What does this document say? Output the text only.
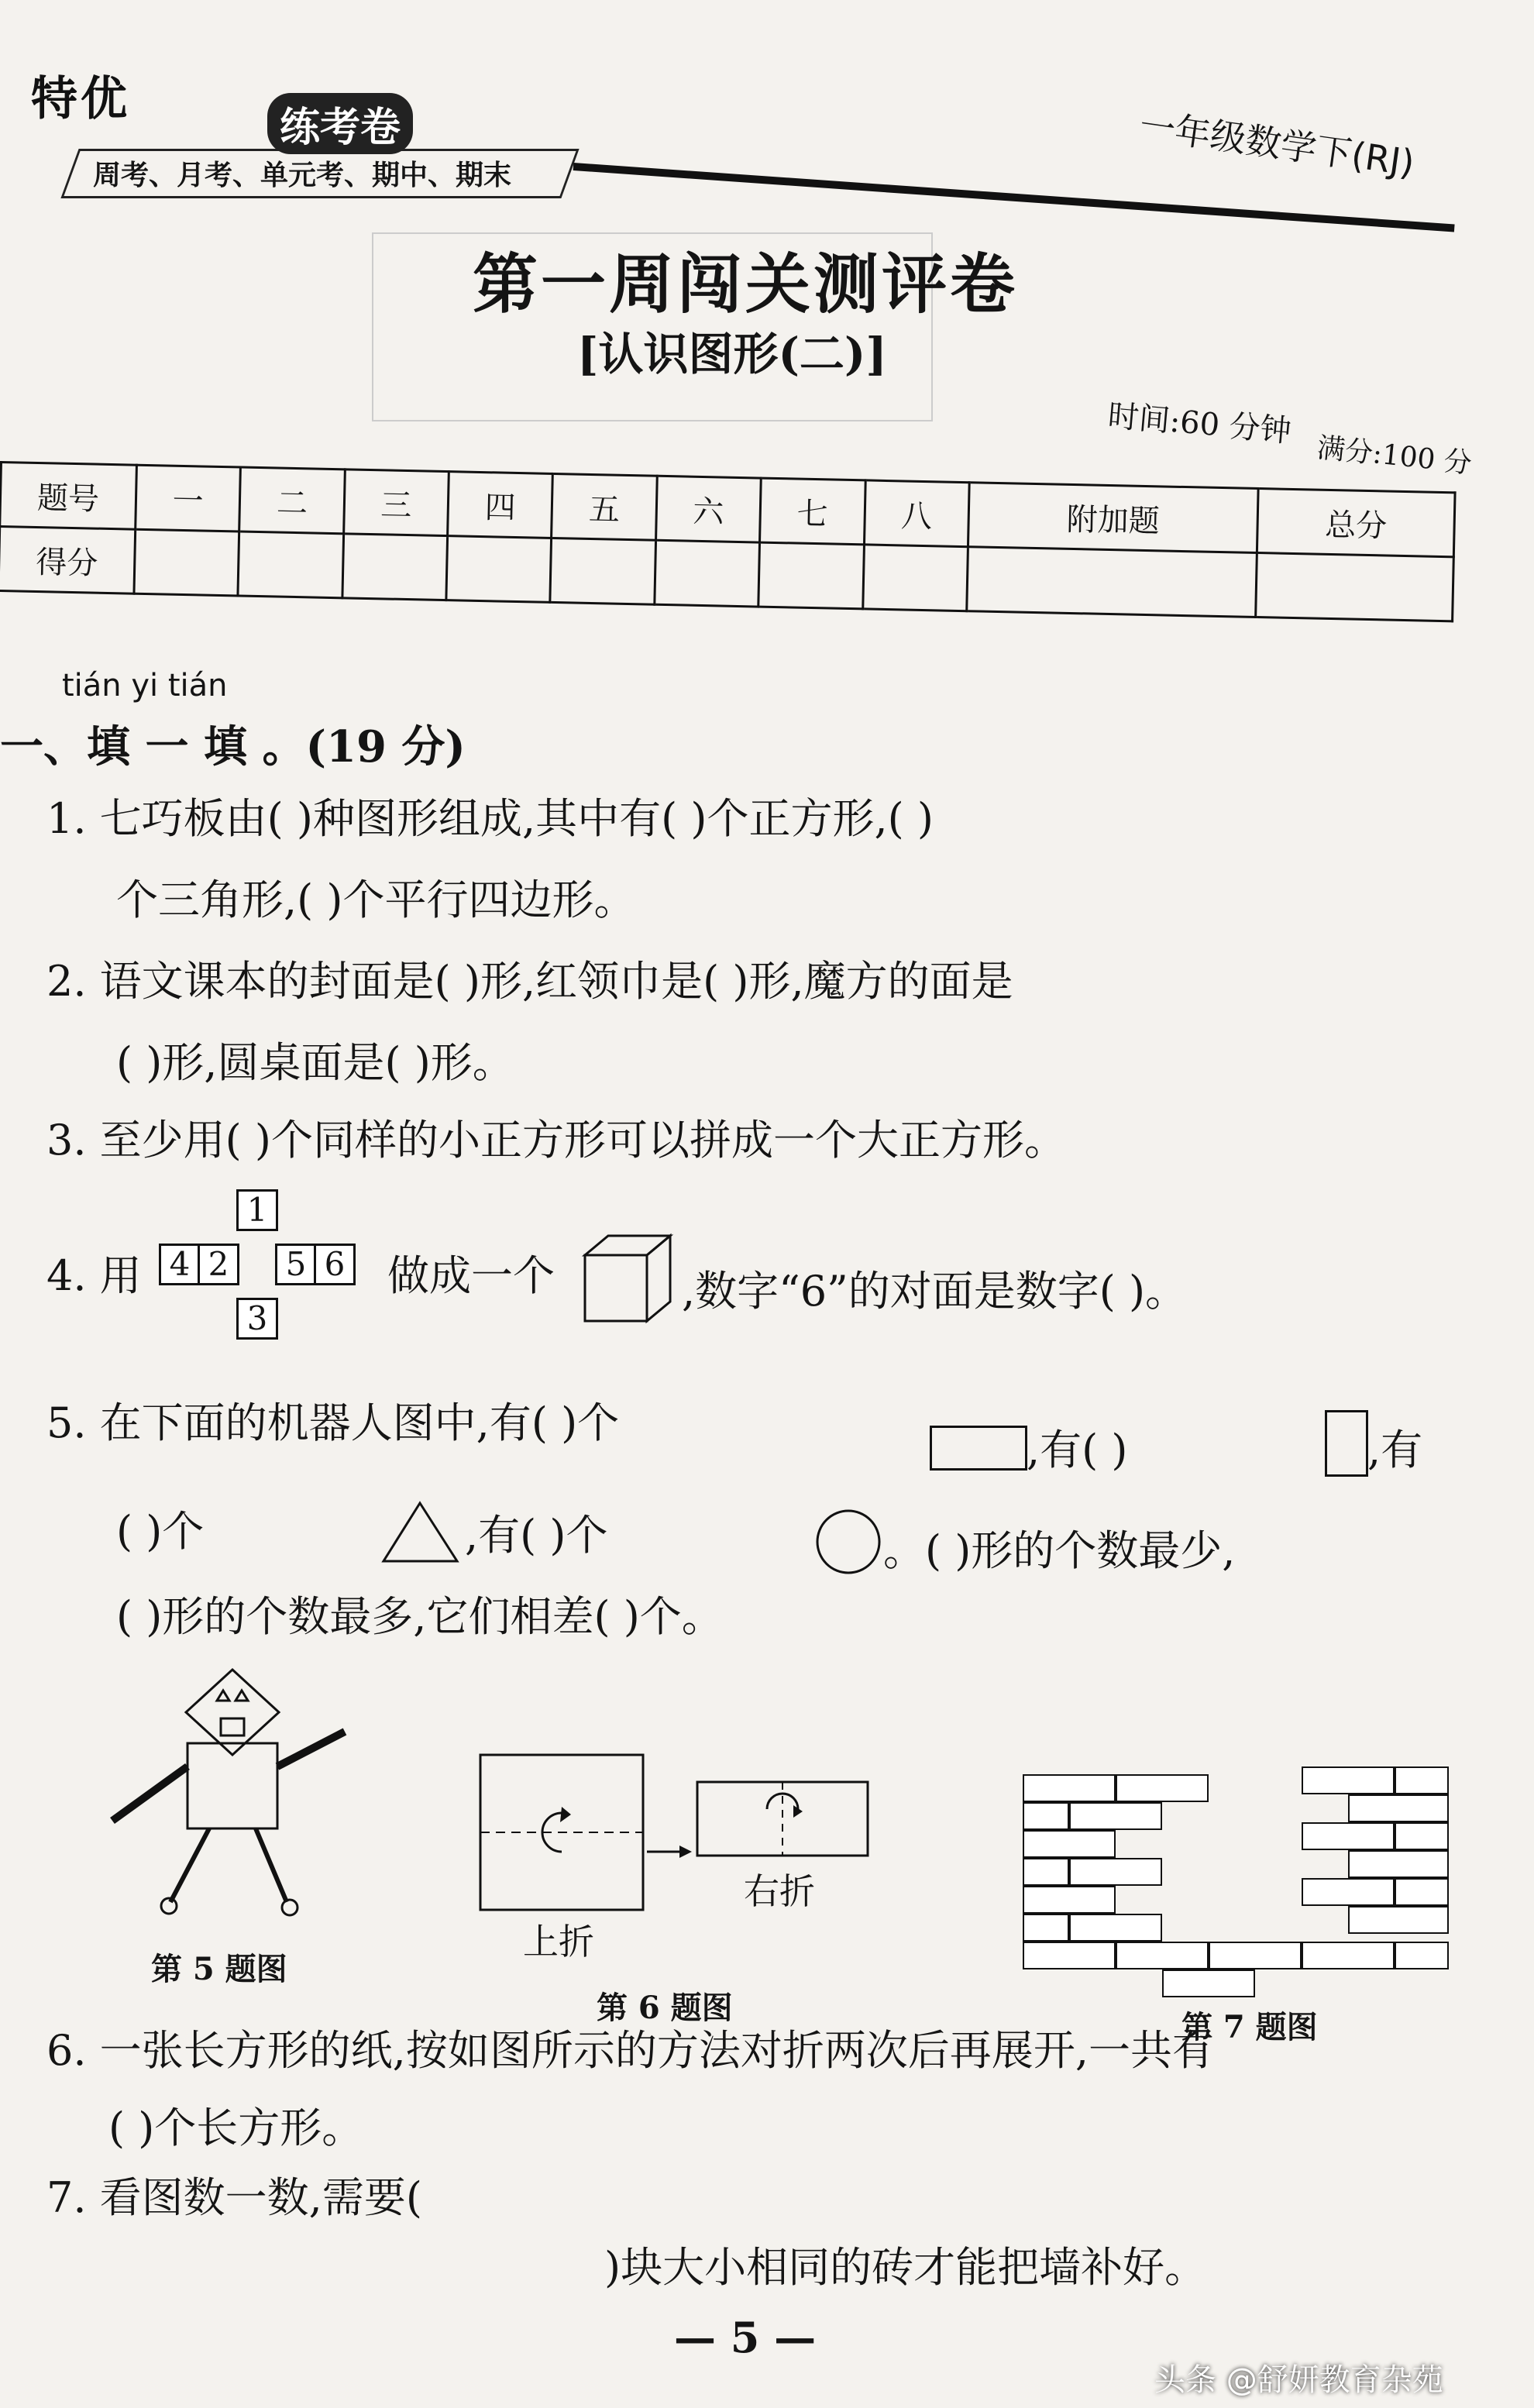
特优
练考卷
周考、月考、单元考、期中、期末	一年级数学下(RJ)
第一周闯关测评卷
[认识图形(二)]
时间:60 分钟
满分:100 分
题号	一	二	三	四	五	六	七	八	附加题	总分
得分										
tián yi tián
一、填 一 填 。(19 分)
1. 七巧板由( )种图形组成,其中有( )个正方形,( )
个三角形,( )个平行四边形。
2. 语文课本的封面是( )形,红领巾是( )形,魔方的面是
( )形,圆桌面是( )形。
3. 至少用( )个同样的小正方形可以拼成一个大正方形。
4. 用
1
4 2	5 6
3
做成一个	,数字“6”的对面是数字( )。
5. 在下面的机器人图中,有( )个
,有( )	,有
( )个	,有( )个	。( )形的个数最少,
( )形的个数最多,它们相差( )个。
第 5 题图
上折
右折
第 6 题图
第 7 题图
6. 一张长方形的纸,按如图所示的方法对折两次后再展开,一共有
( )个长方形。
7. 看图数一数,需要(
)块大小相同的砖才能把墙补好。
— 5 —
头条 @舒妍教育杂苑
